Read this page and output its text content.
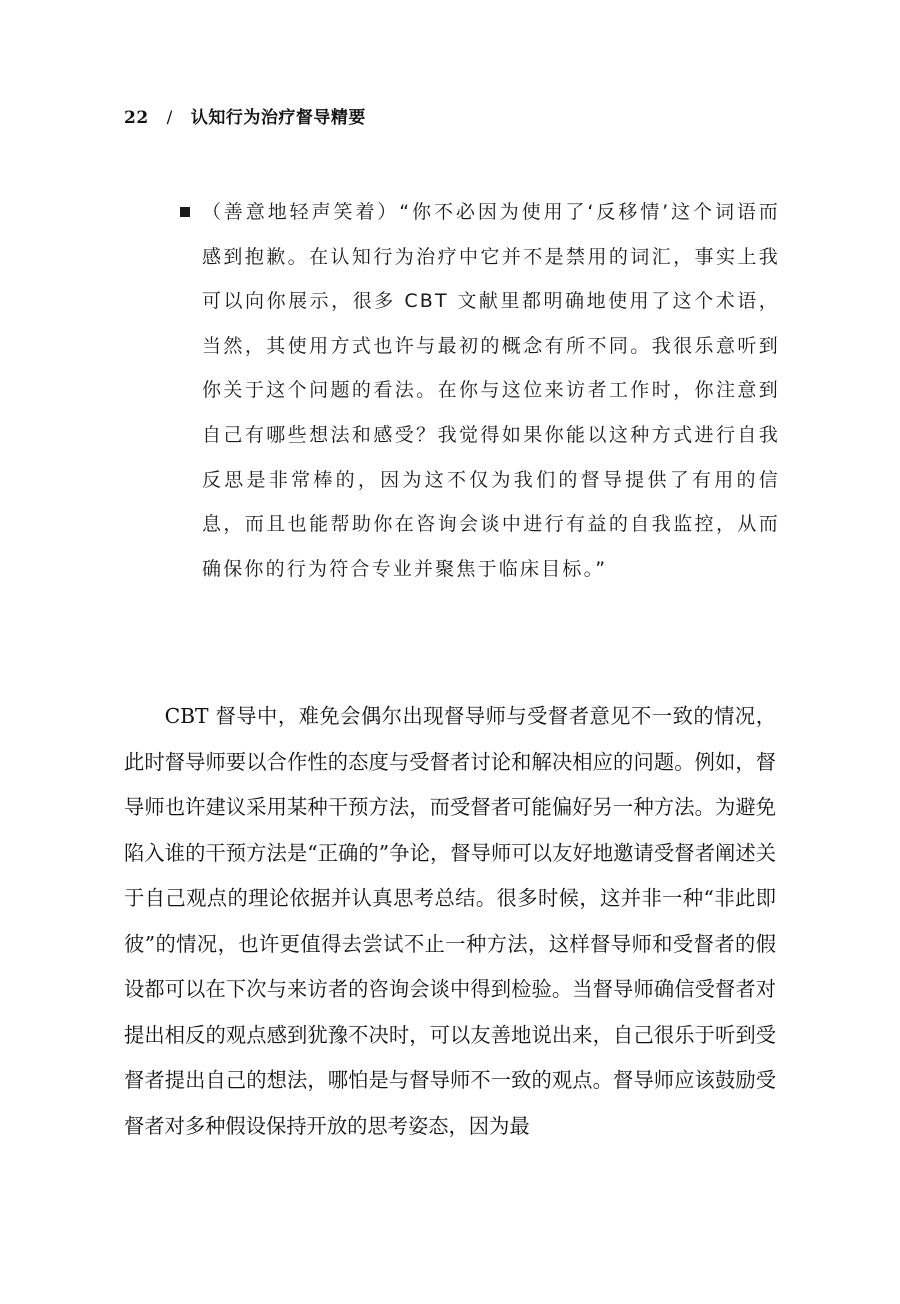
22 / 认知行为治疗督导精要
（善意地轻声笑着）“你不必因为使用了‘反移情’这个词语而感到抱歉。在认知行为治疗中它并不是禁用的词汇，事实上我可以向你展示，很多 CBT 文献里都明确地使用了这个术语，当然，其使用方式也许与最初的概念有所不同。我很乐意听到你关于这个问题的看法。在你与这位来访者工作时，你注意到自己有哪些想法和感受？我觉得如果你能以这种方式进行自我反思是非常棒的，因为这不仅为我们的督导提供了有用的信息，而且也能帮助你在咨询会谈中进行有益的自我监控，从而确保你的行为符合专业并聚焦于临床目标。”

CBT 督导中，难免会偶尔出现督导师与受督者意见不一致的情况，此时督导师要以合作性的态度与受督者讨论和解决相应的问题。例如，督导师也许建议采用某种干预方法，而受督者可能偏好另一种方法。为避免陷入谁的干预方法是“正确的”争论，督导师可以友好地邀请受督者阐述关于自己观点的理论依据并认真思考总结。很多时候，这并非一种“非此即彼”的情况，也许更值得去尝试不止一种方法，这样督导师和受督者的假设都可以在下次与来访者的咨询会谈中得到检验。当督导师确信受督者对提出相反的观点感到犹豫不决时，可以友善地说出来，自己很乐于听到受督者提出自己的想法，哪怕是与督导师不一致的观点。督导师应该鼓励受督者对多种假设保持开放的思考姿态，因为最
